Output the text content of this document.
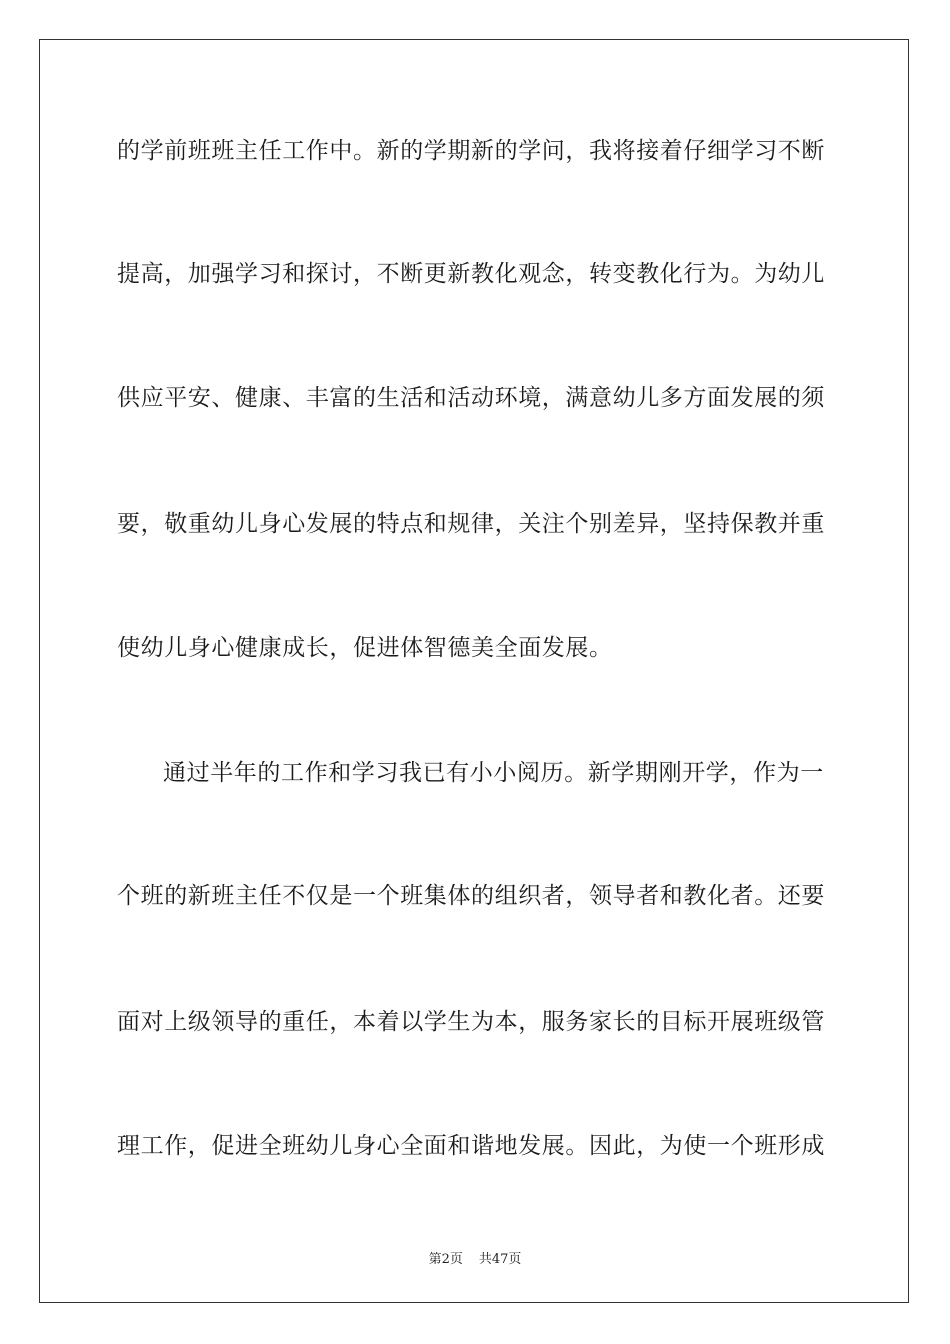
的学前班班主任工作中。新的学期新的学问，我将接着仔细学习不断
提高，加强学习和探讨，不断更新教化观念，转变教化行为。为幼儿
供应平安、健康、丰富的生活和活动环境，满意幼儿多方面发展的须
要，敬重幼儿身心发展的特点和规律，关注个别差异，坚持保教并重
使幼儿身心健康成长，促进体智德美全面发展。
通过半年的工作和学习我已有小小阅历。新学期刚开学，作为一
个班的新班主任不仅是一个班集体的组织者，领导者和教化者。还要
面对上级领导的重任，本着以学生为本，服务家长的目标开展班级管
理工作，促进全班幼儿身心全面和谐地发展。因此，为使一个班形成
第2页 共47页
